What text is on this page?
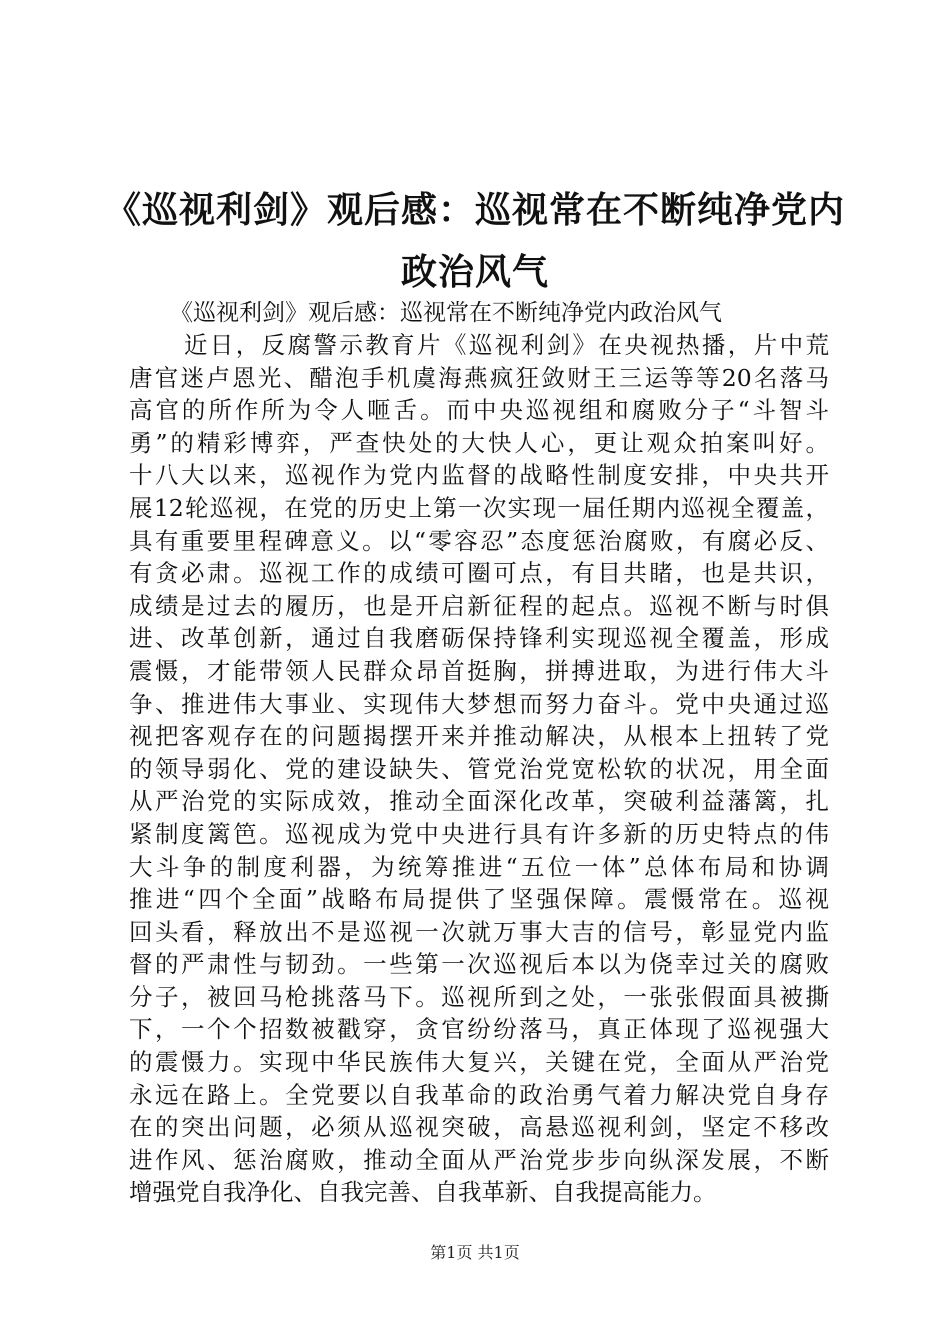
《巡视利剑》观后感：巡视常在不断纯净党内
政治风气

《巡视利剑》观后感：巡视常在不断纯净党内政治风气

近日，反腐警示教育片《巡视利剑》在央视热播，片中荒
唐官迷卢恩光、醋泡手机虞海燕疯狂敛财王三运等等20名落马
高官的所作所为令人咂舌。而中央巡视组和腐败分子“斗智斗
勇”的精彩博弈，严查快处的大快人心，更让观众拍案叫好。
十八大以来，巡视作为党内监督的战略性制度安排，中央共开
展12轮巡视，在党的历史上第一次实现一届任期内巡视全覆盖，
具有重要里程碑意义。以“零容忍”态度惩治腐败，有腐必反、
有贪必肃。巡视工作的成绩可圈可点，有目共睹，也是共识，
成绩是过去的履历，也是开启新征程的起点。巡视不断与时俱
进、改革创新，通过自我磨砺保持锋利实现巡视全覆盖，形成
震慑，才能带领人民群众昂首挺胸，拼搏进取，为进行伟大斗
争、推进伟大事业、实现伟大梦想而努力奋斗。党中央通过巡
视把客观存在的问题揭摆开来并推动解决，从根本上扭转了党
的领导弱化、党的建设缺失、管党治党宽松软的状况，用全面
从严治党的实际成效，推动全面深化改革，突破利益藩篱，扎
紧制度篱笆。巡视成为党中央进行具有许多新的历史特点的伟
大斗争的制度利器，为统筹推进“五位一体”总体布局和协调
推进“四个全面”战略布局提供了坚强保障。震慑常在。巡视
回头看，释放出不是巡视一次就万事大吉的信号，彰显党内监
督的严肃性与韧劲。一些第一次巡视后本以为侥幸过关的腐败
分子，被回马枪挑落马下。巡视所到之处，一张张假面具被撕
下，一个个招数被戳穿，贪官纷纷落马，真正体现了巡视强大
的震慑力。实现中华民族伟大复兴，关键在党，全面从严治党
永远在路上。全党要以自我革命的政治勇气着力解决党自身存
在的突出问题，必须从巡视突破，高悬巡视利剑，坚定不移改
进作风、惩治腐败，推动全面从严治党步步向纵深发展，不断
增强党自我净化、自我完善、自我革新、自我提高能力。

第1页 共1页
